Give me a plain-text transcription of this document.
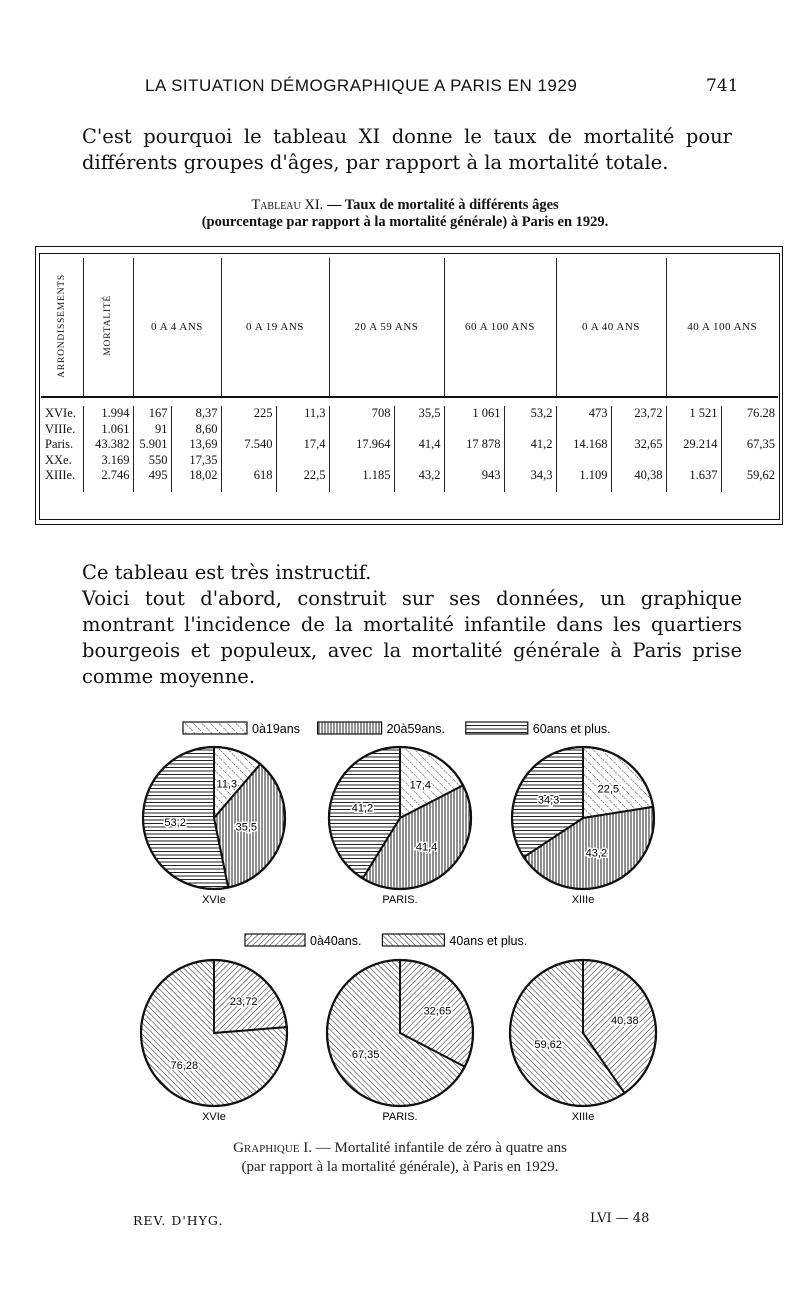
LA SITUATION DÉMOGRAPHIQUE A PARIS EN 1929	741
C'est pourquoi le tableau XI donne le taux de mortalité pour différents groupes d'âges, par rapport à la mortalité totale.
Tableau XI. — Taux de mortalité à différents âges
(pourcentage par rapport à la mortalité générale) à Paris en 1929.
ARRONDISSEMENTS	MORTALITÉ	0 A 4 ANS		0 A 19 ANS		20 A 59 ANS		60 A 100 ANS		0 A 40 ANS		40 A 100 ANS	

XVIe.	1.994	167	8,37	225	11,3	708	35,5	1 061	53,2	473	23,72	1 521	76.28
VIIIe.	1.061	91	8,60										
Paris.	43.382	5.901	13,69	7.540	17,4	17.964	41,4	17 878	41,2	14.168	32,65	29.214	67,35
XXe.	3.169	550	17,35										
XIIIe.	2.746	495	18,02	618	22,5	1.185	43,2	943	34,3	1.109	40,38	1.637	59,62
Ce tableau est très instructif.
Voici tout d'abord, construit sur ses données, un graphique montrant l'incidence de la mortalité infantile dans les quartiers bourgeois et populeux, avec la mortalité générale à Paris prise comme moyenne.
0à19ans	20à59ans.	60ans et plus.
0à40ans.	40ans et plus.
11,3
35,5
53,2
XVIe
17,4
41,4
41,2
PARIS.
22,5
43,2
34,3
XIIIe
23,72
76,28
XVIe
32,65
67,35
PARIS.
40,38
59,62
XIIIe
Graphique I. — Mortalité infantile de zéro à quatre ans
(par rapport à la mortalité générale), à Paris en 1929.
REV. D'HYG.	LVI — 48
